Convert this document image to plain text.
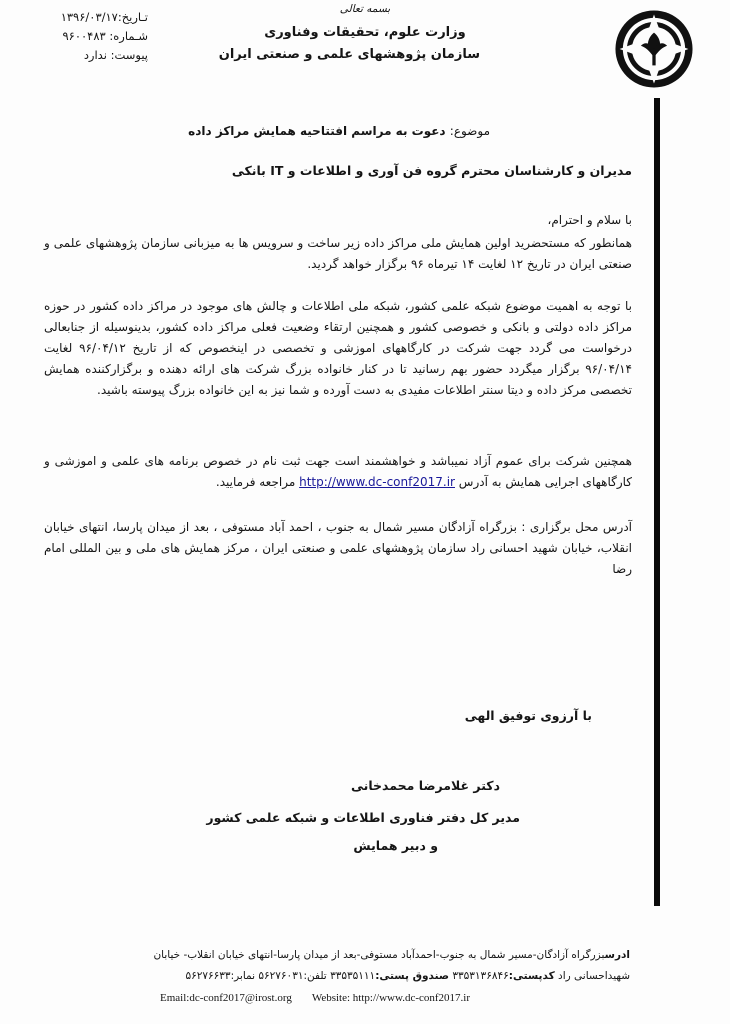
تـاریخ:۱۳۹۶/۰۳/۱۷
شـماره: ۹۶۰۰۴۸۳
پیوست: ندارد
بسمه تعالی
وزارت علوم، تحقیقات وفناوری
سازمان پژوهشهای علمی و صنعتی ایران
موضوع: دعوت به مراسم افتتاحیه همایش مراکز داده
مدیران و کارشناسان محترم گروه فن آوری و اطلاعات و IT بانکی
با سلام و احترام،
همانطور که مستحضرید اولین همایش ملی مراکز داده زیر ساخت و سرویس ها به میزبانی سازمان پژوهشهای علمی و صنعتی ایران در تاریخ ۱۲ لغایت ۱۴ تیرماه ۹۶ برگزار خواهد گردید.
با توجه به اهمیت موضوع شبکه علمی کشور، شبکه ملی اطلاعات و چالش های موجود در مراکز داده کشور در حوزه مراکز داده دولتی و بانکی و خصوصی کشور و همچنین ارتقاء وضعیت فعلی مراکز داده کشور، بدینوسیله از جنابعالی درخواست می گردد جهت شرکت در کارگاههای اموزشی و تخصصی در اینخصوص که از تاریخ ۹۶/۰۴/۱۲ لغایت ۹۶/۰۴/۱۴ برگزار میگردد حضور بهم رسانید تا در کنار خانواده بزرگ شرکت های ارائه دهنده و برگزارکننده همایش تخصصی مرکز داده و دیتا سنتر اطلاعات مفیدی به دست آورده و شما نیز به این خانواده بزرگ پیوسته باشید.
همچنین شرکت برای عموم آزاد نمیباشد و خواهشمند است جهت ثبت نام در خصوص برنامه های علمی و اموزشی و کارگاههای اجرایی همایش به آدرس http://www.dc-conf2017.ir مراجعه فرمایید.
آدرس محل برگزاری : بزرگراه آزادگان مسیر شمال به جنوب ، احمد آباد مستوفی ، بعد از میدان پارسا، انتهای خیابان انقلاب، خیابان شهید احسانی راد سازمان پژوهشهای علمی و صنعتی ایران ، مرکز همایش های ملی و بین المللی امام رضا
با آرزوی توفیق الهی
دکتر غلامرضا محمدخانی
مدیر کل دفتر فناوری اطلاعات و شبکه علمی کشور
و دبیر همایش
ادرسبزرگراه آزادگان-مسیر شمال به جنوب-احمدآباد مستوفی-بعد از میدان پارسا-انتهای خیابان انقلاب- خیابان
شهیداحسانی راد کدپستی:۳۳۵۳۱۳۶۸۴۶ صندوق پستی:۳۳۵۳۵۱۱۱ تلفن:۵۶۲۷۶۰۳۱ نمابر:۵۶۲۷۶۶۳۳
Email:dc-conf2017@irost.org Website: http://www.dc-conf2017.ir
